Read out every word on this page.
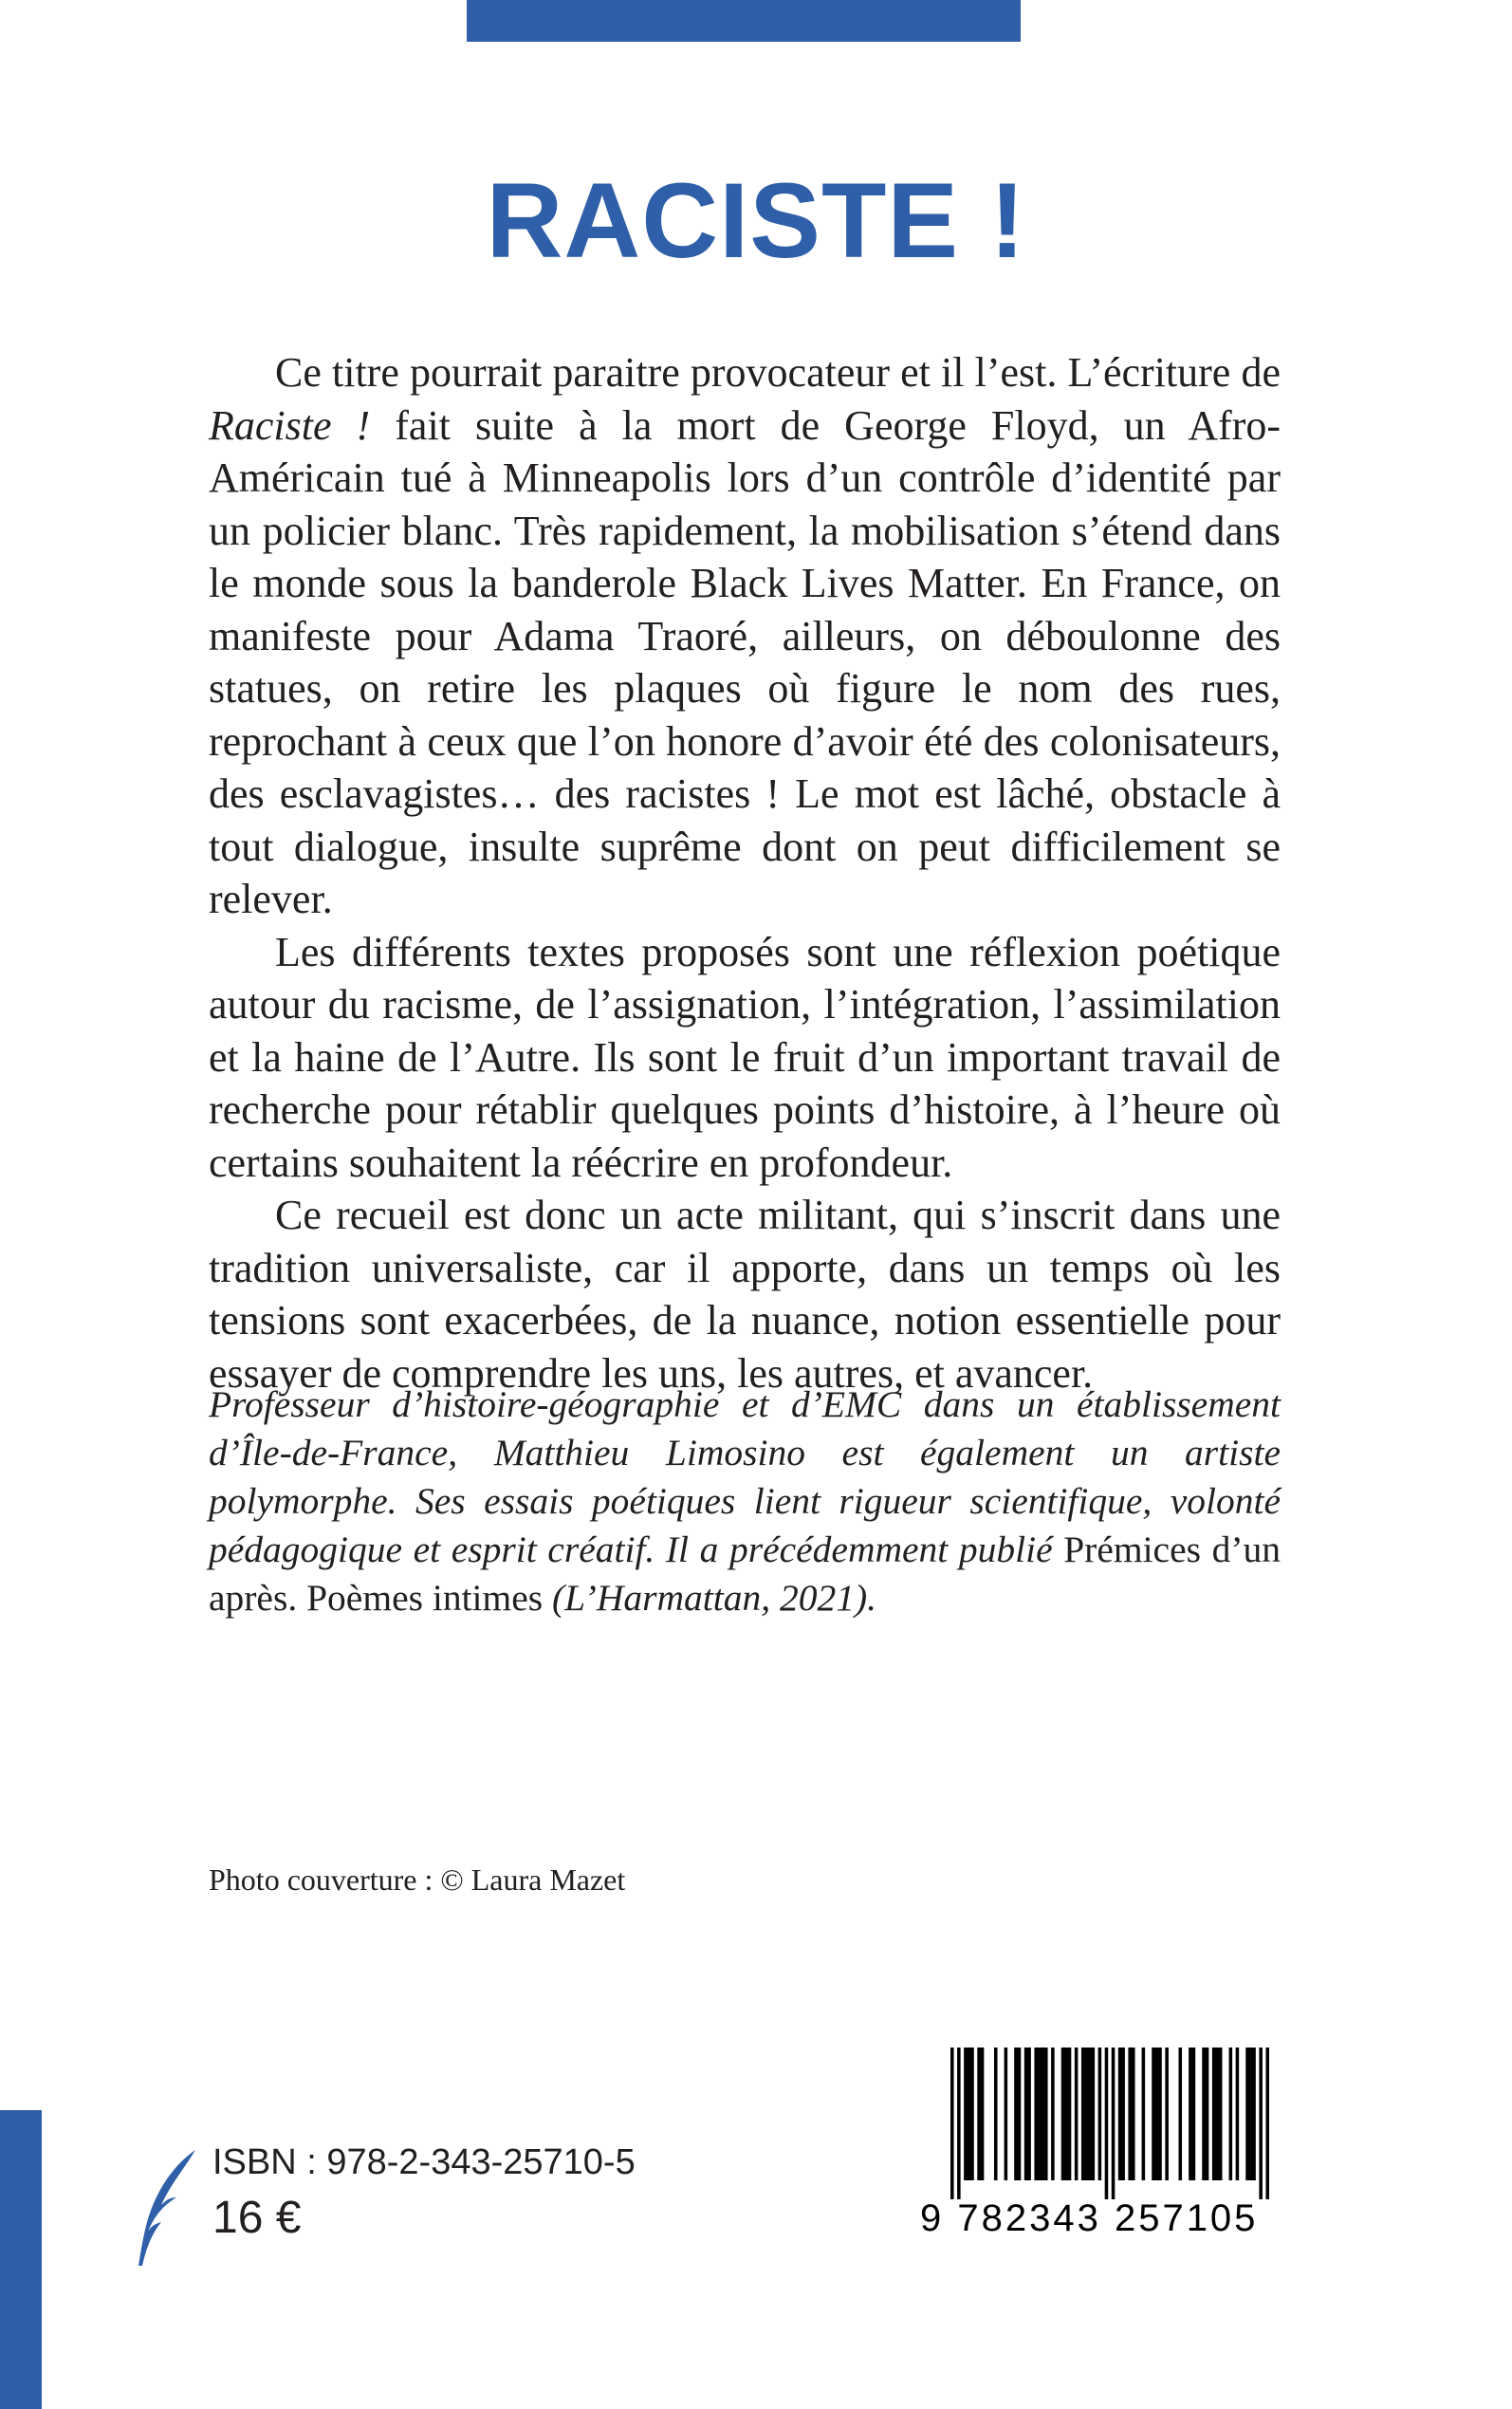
RACISTE !

Ce titre pourrait paraitre provocateur et il l’est. L’écriture de Raciste ! fait suite à la mort de George Floyd, un Afro-Américain tué à Minneapolis lors d’un contrôle d’identité par un policier blanc. Très rapidement, la mobilisation s’étend dans le monde sous la banderole Black Lives Matter. En France, on manifeste pour Adama Traoré, ailleurs, on déboulonne des statues, on retire les plaques où figure le nom des rues, reprochant à ceux que l’on honore d’avoir été des colonisateurs, des esclavagistes… des racistes ! Le mot est lâché, obstacle à tout dialogue, insulte suprême dont on peut difficilement se relever.

Les différents textes proposés sont une réflexion poétique autour du racisme, de l’assignation, l’intégration, l’assimilation et la haine de l’Autre. Ils sont le fruit d’un important travail de recherche pour rétablir quelques points d’histoire, à l’heure où certains souhaitent la réécrire en profondeur.

Ce recueil est donc un acte militant, qui s’inscrit dans une tradition universaliste, car il apporte, dans un temps où les tensions sont exacerbées, de la nuance, notion essentielle pour essayer de comprendre les uns, les autres, et avancer.

Professeur d’histoire-géographie et d’EMC dans un établissement d’Île-de-France, Matthieu Limosino est également un artiste polymorphe. Ses essais poétiques lient rigueur scientifique, volonté pédagogique et esprit créatif. Il a précédemment publié Prémices d’un après. Poèmes intimes (L’Harmattan, 2021).

Photo couverture : © Laura Mazet

ISBN : 978-2-343-25710-5

16 €	9 782343 257105
